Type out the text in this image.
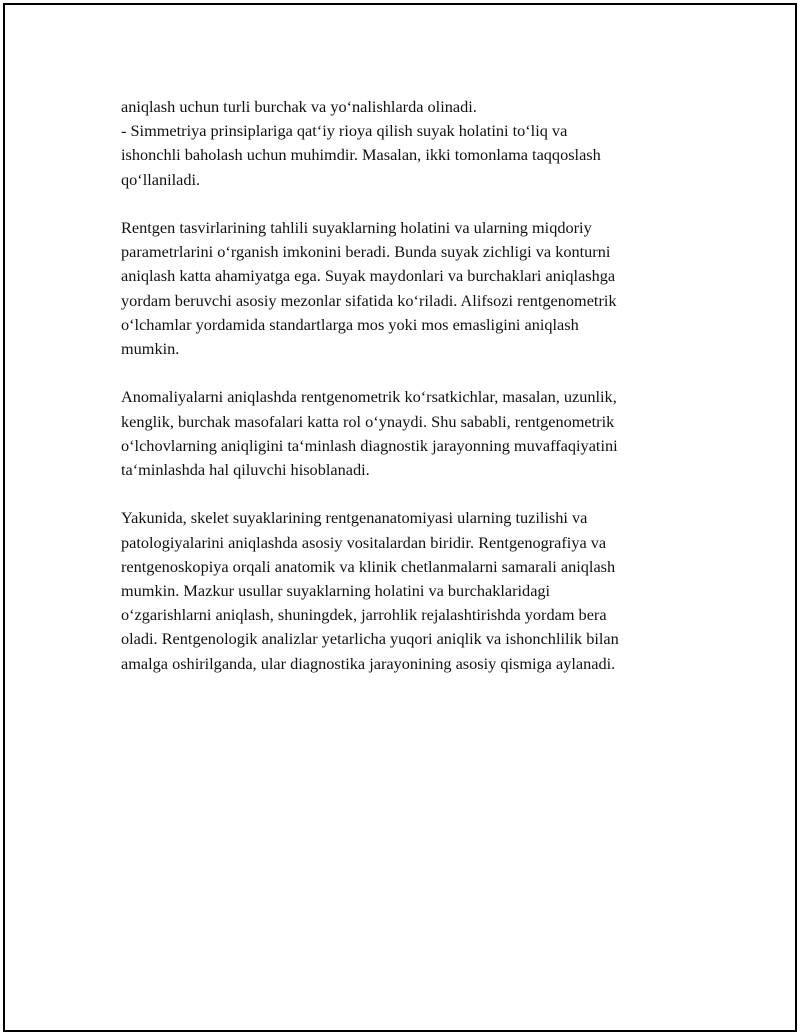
aniqlash uchun turli burchak va yo‘nalishlarda olinadi.
- Simmetriya prinsiplariga qat‘iy rioya qilish suyak holatini to‘liq va
ishonchli baholash uchun muhimdir. Masalan, ikki tomonlama taqqoslash
qo‘llaniladi.
Rentgen tasvirlarining tahlili suyaklarning holatini va ularning miqdoriy
parametrlarini o‘rganish imkonini beradi. Bunda suyak zichligi va konturni
aniqlash katta ahamiyatga ega. Suyak maydonlari va burchaklari aniqlashga
yordam beruvchi asosiy mezonlar sifatida ko‘riladi. Alifsozi rentgenometrik
o‘lchamlar yordamida standartlarga mos yoki mos emasligini aniqlash
mumkin.
Anomaliyalarni aniqlashda rentgenometrik ko‘rsatkichlar, masalan, uzunlik,
kenglik, burchak masofalari katta rol o‘ynaydi. Shu sababli, rentgenometrik
o‘lchovlarning aniqligini ta‘minlash diagnostik jarayonning muvaffaqiyatini
ta‘minlashda hal qiluvchi hisoblanadi.
Yakunida, skelet suyaklarining rentgenanatomiyasi ularning tuzilishi va
patologiyalarini aniqlashda asosiy vositalardan biridir. Rentgenografiya va
rentgenoskopiya orqali anatomik va klinik chetlanmalarni samarali aniqlash
mumkin. Mazkur usullar suyaklarning holatini va burchaklaridagi
o‘zgarishlarni aniqlash, shuningdek, jarrohlik rejalashtirishda yordam bera
oladi. Rentgenologik analizlar yetarlicha yuqori aniqlik va ishonchlilik bilan
amalga oshirilganda, ular diagnostika jarayonining asosiy qismiga aylanadi.
